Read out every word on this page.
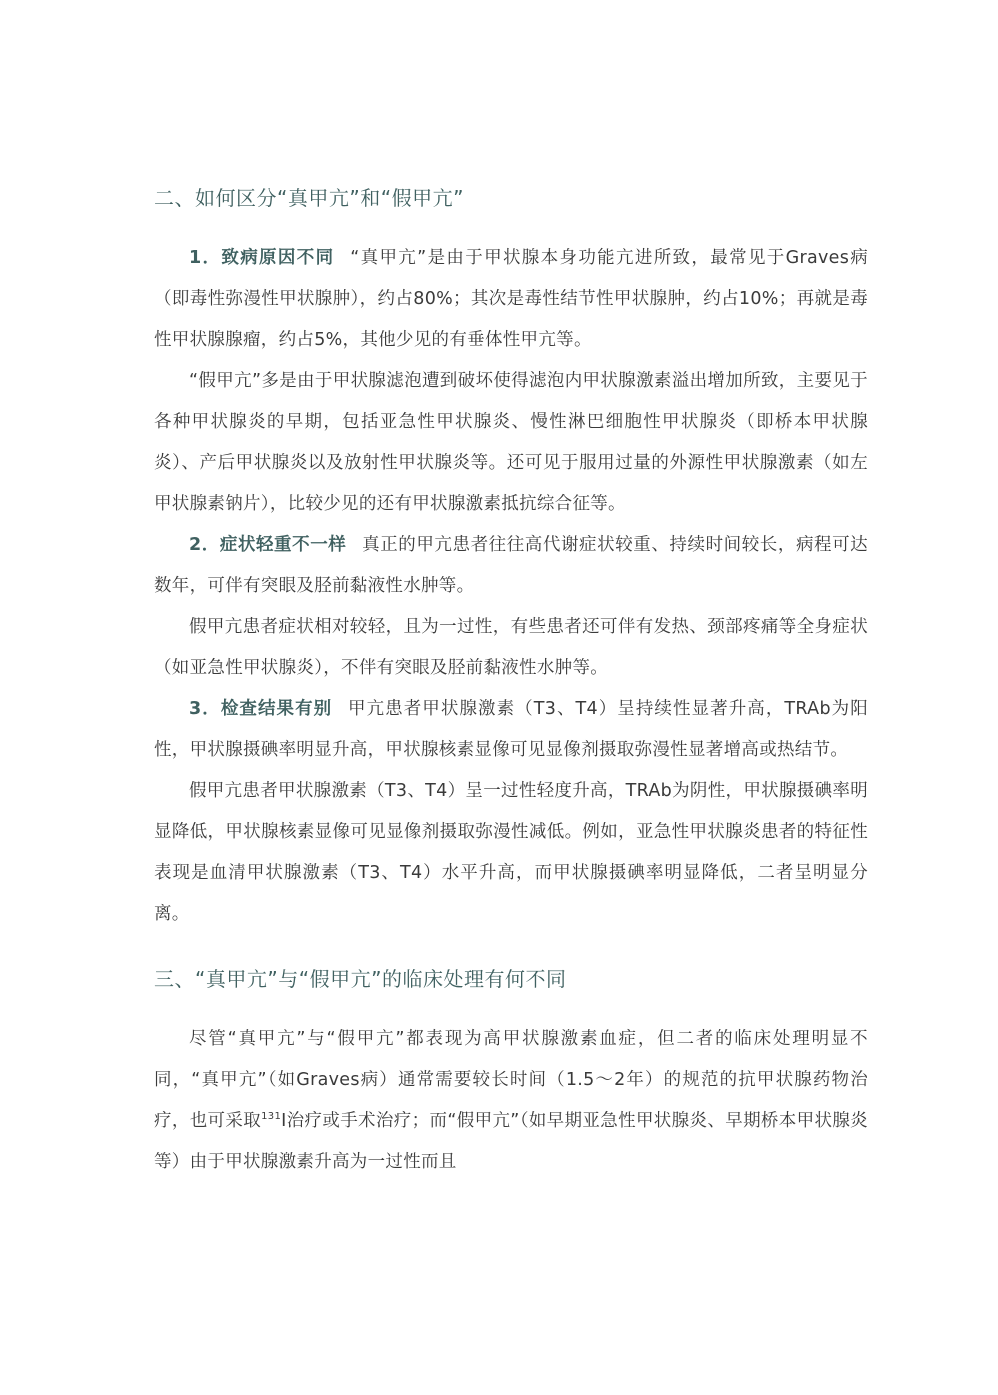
二、如何区分“真甲亢”和“假甲亢”

1．致病原因不同 “真甲亢”是由于甲状腺本身功能亢进所致，最常见于Graves病（即毒性弥漫性甲状腺肿），约占80%；其次是毒性结节性甲状腺肿，约占10%；再就是毒性甲状腺腺瘤，约占5%，其他少见的有垂体性甲亢等。

“假甲亢”多是由于甲状腺滤泡遭到破坏使得滤泡内甲状腺激素溢出增加所致，主要见于各种甲状腺炎的早期，包括亚急性甲状腺炎、慢性淋巴细胞性甲状腺炎（即桥本甲状腺炎）、产后甲状腺炎以及放射性甲状腺炎等。还可见于服用过量的外源性甲状腺激素（如左甲状腺素钠片），比较少见的还有甲状腺激素抵抗综合征等。

2．症状轻重不一样 真正的甲亢患者往往高代谢症状较重、持续时间较长，病程可达数年，可伴有突眼及胫前黏液性水肿等。

假甲亢患者症状相对较轻，且为一过性，有些患者还可伴有发热、颈部疼痛等全身症状（如亚急性甲状腺炎），不伴有突眼及胫前黏液性水肿等。

3．检查结果有别 甲亢患者甲状腺激素（T3、T4）呈持续性显著升高，TRAb为阳性，甲状腺摄碘率明显升高，甲状腺核素显像可见显像剂摄取弥漫性显著增高或热结节。

假甲亢患者甲状腺激素（T3、T4）呈一过性轻度升高，TRAb为阴性，甲状腺摄碘率明显降低，甲状腺核素显像可见显像剂摄取弥漫性减低。例如，亚急性甲状腺炎患者的特征性表现是血清甲状腺激素（T3、T4）水平升高，而甲状腺摄碘率明显降低，二者呈明显分离。

三、“真甲亢”与“假甲亢”的临床处理有何不同

尽管“真甲亢”与“假甲亢”都表现为高甲状腺激素血症，但二者的临床处理明显不同，“真甲亢”（如Graves病）通常需要较长时间（1.5～2年）的规范的抗甲状腺药物治疗，也可采取$^{131}$I治疗或手术治疗；而“假甲亢”（如早期亚急性甲状腺炎、早期桥本甲状腺炎等）由于甲状腺激素升高为一过性而且
